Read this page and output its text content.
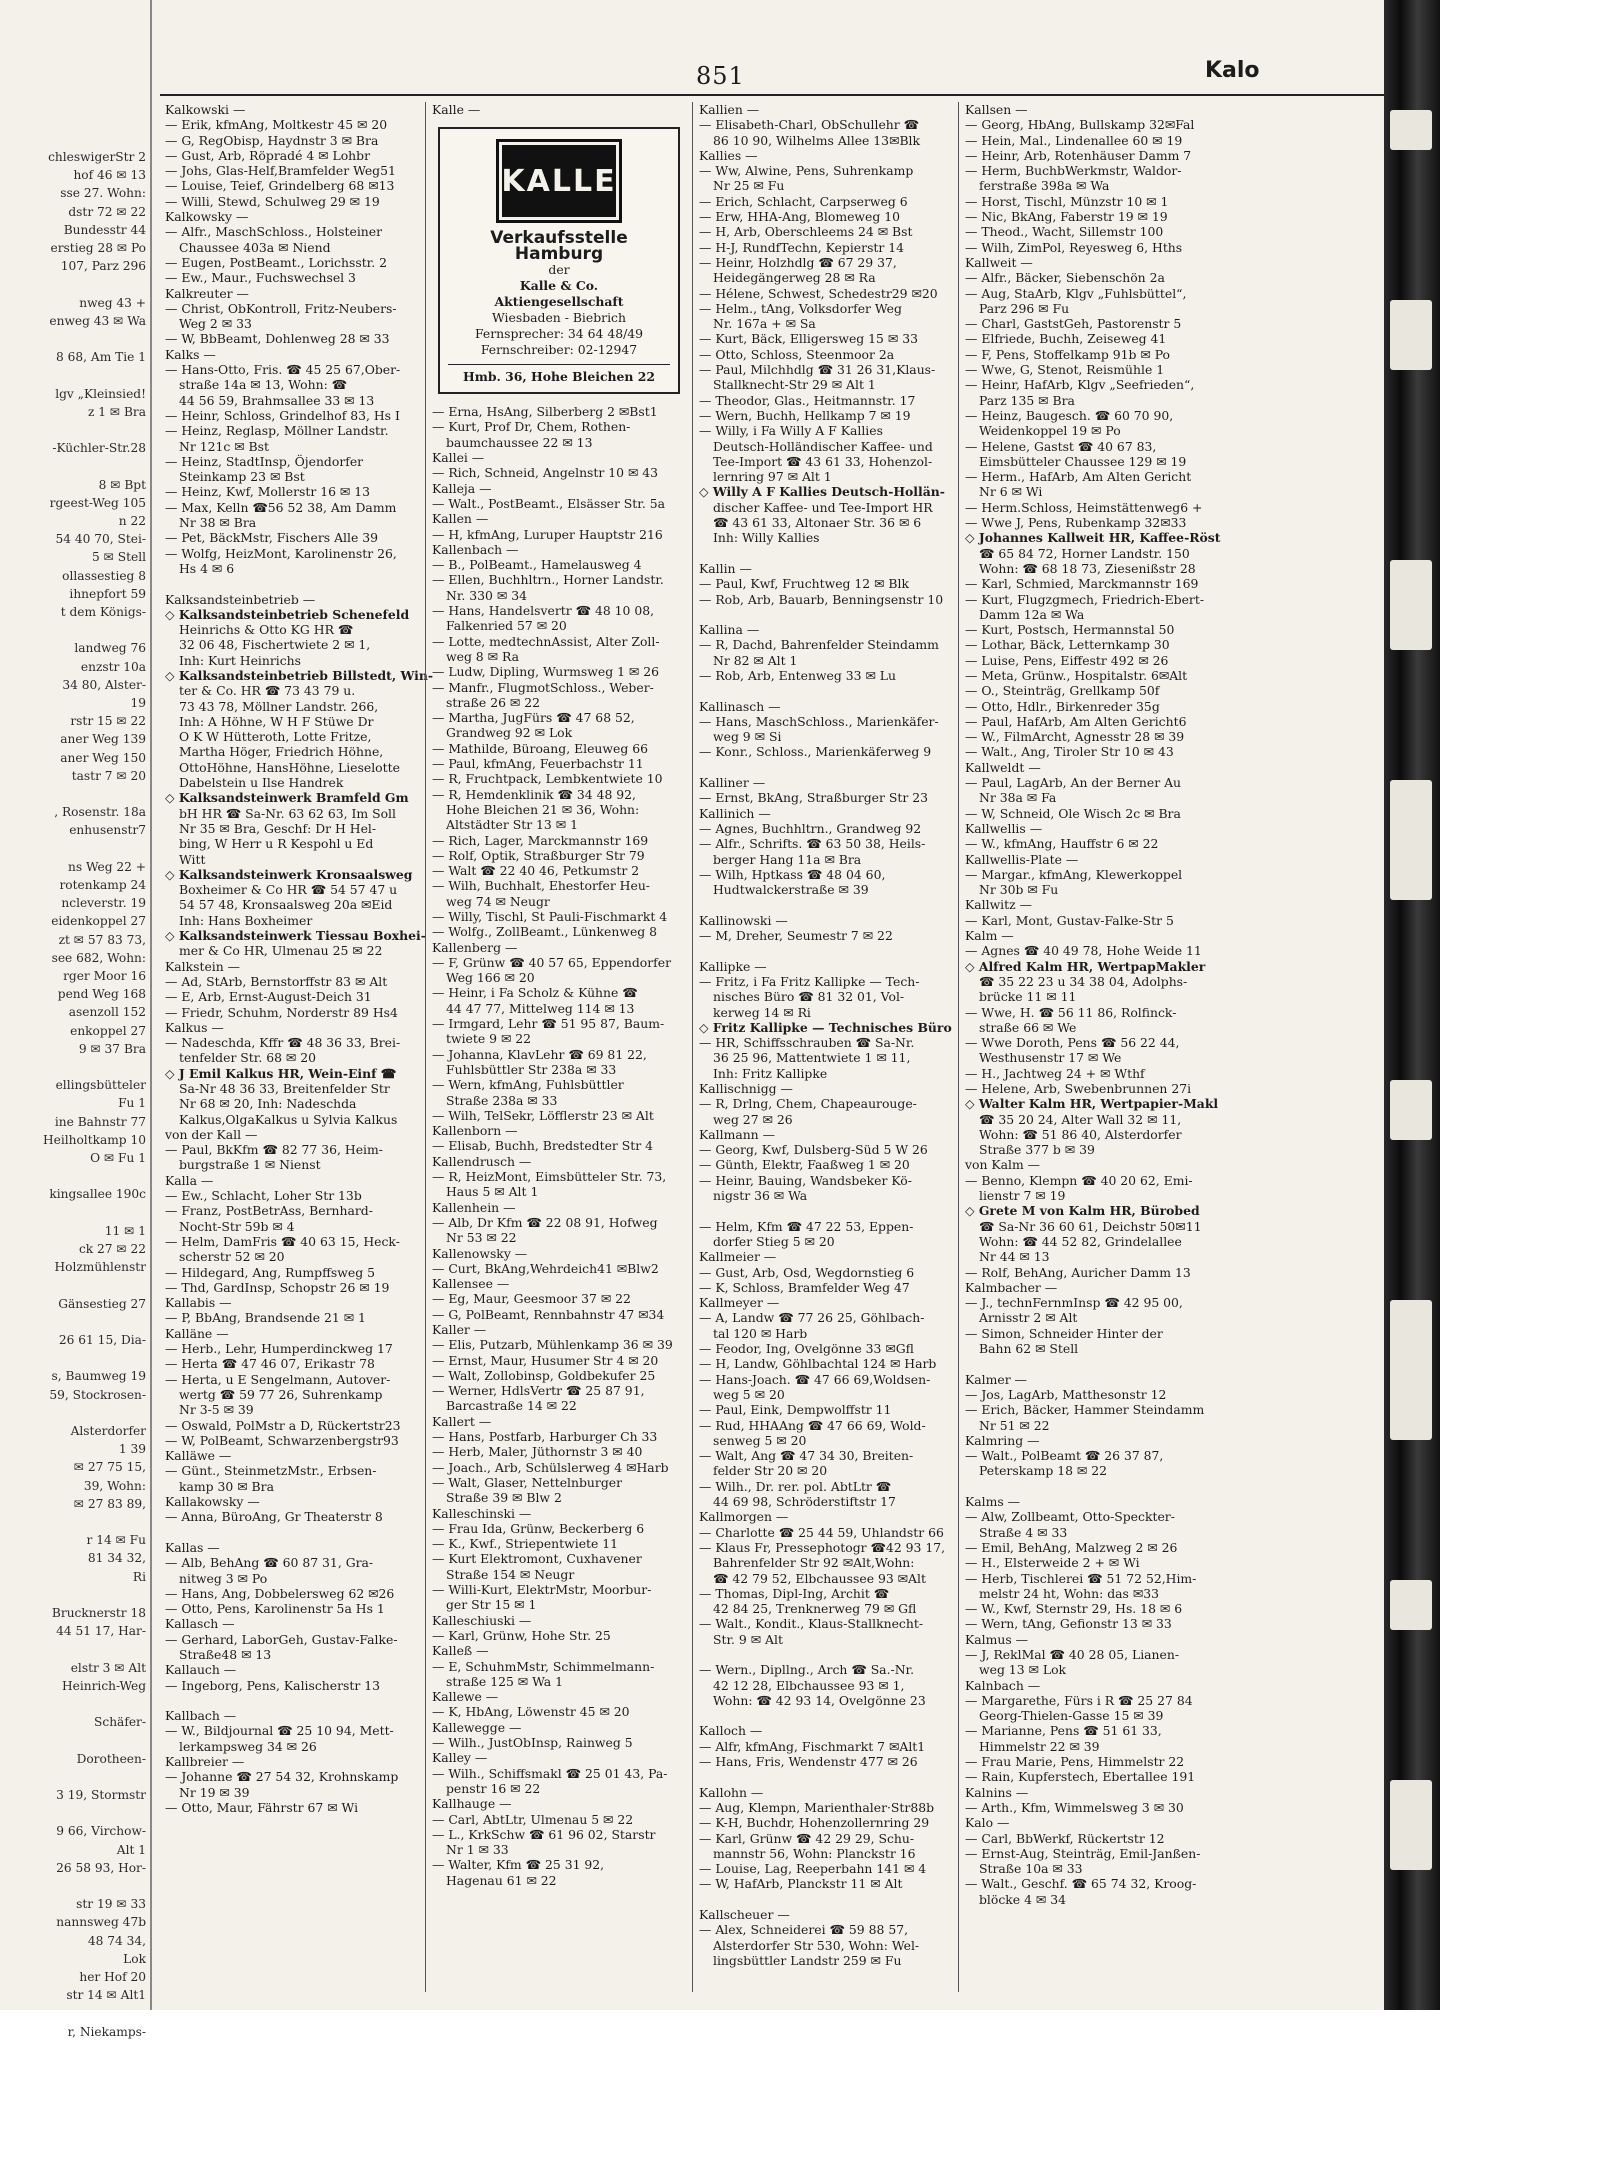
chleswigerStr 2
hof 46 ✉ 13
sse 27. Wohn:
dstr 72 ✉ 22
Bundesstr 44
erstieg 28 ✉ Po
107, Parz 296
nweg 43 +
enweg 43 ✉ Wa
8 68, Am Tie 1
lgv „Kleinsied!
z 1 ✉ Bra
-Küchler-Str.28
8 ✉ Bpt
rgeest-Weg 105
n 22
54 40 70, Stei-
5 ✉ Stell
ollassestieg 8
ihnepfort 59
t dem Königs-
landweg 76
enzstr 10a
34 80, Alster-
19
rstr 15 ✉ 22
aner Weg 139
aner Weg 150
tastr 7 ✉ 20
, Rosenstr. 18a
enhusenstr7
ns Weg 22 +
rotenkamp 24
ncleverstr. 19
eidenkoppel 27
zt ✉ 57 83 73,
see 682, Wohn:
rger Moor 16
pend Weg 168
asenzoll 152
enkoppel 27
9 ✉ 37 Bra
ellingsbütteler
Fu 1
ine Bahnstr 77
Heilholtkamp 10
O ✉ Fu 1
kingsallee 190c
11 ✉ 1
ck 27 ✉ 22
Holzmühlenstr
Gänsestieg 27
26 61 15, Dia-
s, Baumweg 19
59, Stockrosen-
Alsterdorfer
1 39
✉ 27 75 15,
39, Wohn:
✉ 27 83 89,
r 14 ✉ Fu
81 34 32,
Ri
Brucknerstr 18
44 51 17, Har-
elstr 3 ✉ Alt
Heinrich-Weg
Schäfer-
Dorotheen-
3 19, Stormstr
9 66, Virchow-
Alt 1
26 58 93, Hor-
str 19 ✉ 33
nannsweg 47b
48 74 34,
Lok
her Hof 20
str 14 ✉ Alt1
r, Niekamps-
851	Kalo
Kalkowski —
— Erik, kfmAng, Moltkestr 45 ✉ 20
— G, RegObisp, Haydnstr 3 ✉ Bra
— Gust, Arb, Röpradé 4 ✉ Lohbr
— Johs, Glas-Helf,Bramfelder Weg51
— Louise, Teief, Grindelberg 68 ✉13
— Willi, Stewd, Schulweg 29 ✉ 19
Kalkowsky —
— Alfr., MaschSchloss., Holsteiner
Chaussee 403a ✉ Niend
— Eugen, PostBeamt., Lorichsstr. 2
— Ew., Maur., Fuchswechsel 3
Kalkreuter —
— Christ, ObKontroll, Fritz-Neubers-
Weg 2 ✉ 33
— W, BbBeamt, Dohlenweg 28 ✉ 33
Kalks —
— Hans-Otto, Fris. ☎ 45 25 67,Ober-
straße 14a ✉ 13, Wohn: ☎
44 56 59, Brahmsallee 33 ✉ 13
— Heinr, Schloss, Grindelhof 83, Hs I
— Heinz, Reglasp, Möllner Landstr.
Nr 121c ✉ Bst
— Heinz, StadtInsp, Öjendorfer
Steinkamp 23 ✉ Bst
— Heinz, Kwf, Mollerstr 16 ✉ 13
— Max, Kelln ☎56 52 38, Am Damm
Nr 38 ✉ Bra
— Pet, BäckMstr, Fischers Alle 39
— Wolfg, HeizMont, Karolinenstr 26,
Hs 4 ✉ 6

Kalksandsteinbetrieb —
◇ Kalksandsteinbetrieb Schenefeld
Heinrichs & Otto KG HR ☎
32 06 48, Fischertwiete 2 ✉ 1,
Inh: Kurt Heinrichs
◇ Kalksandsteinbetrieb Billstedt, Win-
ter & Co. HR ☎ 73 43 79 u.
73 43 78, Möllner Landstr. 266,
Inh: A Höhne, W H F Stüwe Dr
O K W Hütteroth, Lotte Fritze,
Martha Höger, Friedrich Höhne,
OttoHöhne, HansHöhne, Lieselotte
Dabelstein u Ilse Handrek
◇ Kalksandsteinwerk Bramfeld Gm
bH HR ☎ Sa-Nr. 63 62 63, Im Soll
Nr 35 ✉ Bra, Geschf: Dr H Hel-
bing, W Herr u R Kespohl u Ed
Witt
◇ Kalksandsteinwerk Kronsaalsweg
Boxheimer & Co HR ☎ 54 57 47 u
54 57 48, Kronsaalsweg 20a ✉Eid
Inh: Hans Boxheimer
◇ Kalksandsteinwerk Tiessau Boxhei-
mer & Co HR, Ulmenau 25 ✉ 22
Kalkstein —
— Ad, StArb, Bernstorffstr 83 ✉ Alt
— E, Arb, Ernst-August-Deich 31
— Friedr, Schuhm, Norderstr 89 Hs4
Kalkus —
— Nadeschda, Kffr ☎ 48 36 33, Brei-
tenfelder Str. 68 ✉ 20
◇ J Emil Kalkus HR, Wein-Einf ☎
Sa-Nr 48 36 33, Breitenfelder Str
Nr 68 ✉ 20, Inh: Nadeschda
Kalkus,OlgaKalkus u Sylvia Kalkus
von der Kall —
— Paul, BkKfm ☎ 82 77 36, Heim-
burgstraße 1 ✉ Nienst
Kalla —
— Ew., Schlacht, Loher Str 13b
— Franz, PostBetrAss, Bernhard-
Nocht-Str 59b ✉ 4
— Helm, DamFris ☎ 40 63 15, Heck-
scherstr 52 ✉ 20
— Hildegard, Ang, Rumpffsweg 5
— Thd, GardInsp, Schopstr 26 ✉ 19
Kallabis —
— P, BbAng, Brandsende 21 ✉ 1
Kalläne —
— Herb., Lehr, Humperdinckweg 17
— Herta ☎ 47 46 07, Erikastr 78
— Herta, u E Sengelmann, Autover-
wertg ☎ 59 77 26, Suhrenkamp
Nr 3-5 ✉ 39
— Oswald, PolMstr a D, Rückertstr23
— W, PolBeamt, Schwarzenbergstr93
Kalläwe —
— Günt., SteinmetzMstr., Erbsen-
kamp 30 ✉ Bra
Kallakowsky —
— Anna, BüroAng, Gr Theaterstr 8

Kallas —
— Alb, BehAng ☎ 60 87 31, Gra-
nitweg 3 ✉ Po
— Hans, Ang, Dobbelersweg 62 ✉26
— Otto, Pens, Karolinenstr 5a Hs 1
Kallasch —
— Gerhard, LaborGeh, Gustav-Falke-
Straße48 ✉ 13
Kallauch —
— Ingeborg, Pens, Kalischerstr 13

Kallbach —
— W., Bildjournal ☎ 25 10 94, Mett-
lerkampsweg 34 ✉ 26
Kallbreier —
— Johanne ☎ 27 54 32, Krohnskamp
Nr 19 ✉ 39
— Otto, Maur, Fährstr 67 ✉ Wi
Kalle —
KALLE
Verkaufsstelle Hamburg
der
Kalle & Co.
Aktiengesellschaft
Wiesbaden - Biebrich
Fernsprecher: 34 64 48/49
Fernschreiber: 02-12947
Hmb. 36, Hohe Bleichen 22
— Erna, HsAng, Silberberg 2 ✉Bst1
— Kurt, Prof Dr, Chem, Rothen-
baumchaussee 22 ✉ 13
Kallei —
— Rich, Schneid, Angelnstr 10 ✉ 43
Kalleja —
— Walt., PostBeamt., Elsässer Str. 5a
Kallen —
— H, kfmAng, Luruper Hauptstr 216
Kallenbach —
— B., PolBeamt., Hamelausweg 4
— Ellen, Buchhltrn., Horner Landstr.
Nr. 330 ✉ 34
— Hans, Handelsvertr ☎ 48 10 08,
Falkenried 57 ✉ 20
— Lotte, medtechnAssist, Alter Zoll-
weg 8 ✉ Ra
— Ludw, Dipling, Wurmsweg 1 ✉ 26
— Manfr., FlugmotSchloss., Weber-
straße 26 ✉ 22
— Martha, JugFürs ☎ 47 68 52,
Grandweg 92 ✉ Lok
— Mathilde, Büroang, Eleuweg 66
— Paul, kfmAng, Feuerbachstr 11
— R, Fruchtpack, Lembkentwiete 10
— R, Hemdenklinik ☎ 34 48 92,
Hohe Bleichen 21 ✉ 36, Wohn:
Altstädter Str 13 ✉ 1
— Rich, Lager, Marckmannstr 169
— Rolf, Optik, Straßburger Str 79
— Walt ☎ 22 40 46, Petkumstr 2
— Wilh, Buchhalt, Ehestorfer Heu-
weg 74 ✉ Neugr
— Willy, Tischl, St Pauli-Fischmarkt 4
— Wolfg., ZollBeamt., Lünkenweg 8
Kallenberg —
— F, Grünw ☎ 40 57 65, Eppendorfer
Weg 166 ✉ 20
— Heinr, i Fa Scholz & Kühne ☎
44 47 77, Mittelweg 114 ✉ 13
— Irmgard, Lehr ☎ 51 95 87, Baum-
twiete 9 ✉ 22
— Johanna, KlavLehr ☎ 69 81 22,
Fuhlsbüttler Str 238a ✉ 33
— Wern, kfmAng, Fuhlsbüttler
Straße 238a ✉ 33
— Wilh, TelSekr, Löfflerstr 23 ✉ Alt
Kallenborn —
— Elisab, Buchh, Bredstedter Str 4
Kallendrusch —
— R, HeizMont, Eimsbütteler Str. 73,
Haus 5 ✉ Alt 1
Kallenhein —
— Alb, Dr Kfm ☎ 22 08 91, Hofweg
Nr 53 ✉ 22
Kallenowsky —
— Curt, BkAng,Wehrdeich41 ✉Blw2
Kallensee —
— Eg, Maur, Geesmoor 37 ✉ 22
— G, PolBeamt, Rennbahnstr 47 ✉34
Kaller —
— Elis, Putzarb, Mühlenkamp 36 ✉ 39
— Ernst, Maur, Husumer Str 4 ✉ 20
— Walt, Zollobinsp, Goldbekufer 25
— Werner, HdlsVertr ☎ 25 87 91,
Barcastraße 14 ✉ 22
Kallert —
— Hans, Postfarb, Harburger Ch 33
— Herb, Maler, Jüthornstr 3 ✉ 40
— Joach., Arb, Schülslerweg 4 ✉Harb
— Walt, Glaser, Nettelnburger
Straße 39 ✉ Blw 2
Kalleschinski —
— Frau Ida, Grünw, Beckerberg 6
— K., Kwf., Striepentwiete 11
— Kurt Elektromont, Cuxhavener
Straße 154 ✉ Neugr
— Willi-Kurt, ElektrMstr, Moorbur-
ger Str 15 ✉ 1
Kalleschiuski —
— Karl, Grünw, Hohe Str. 25
Kalleß —
— E, SchuhmMstr, Schimmelmann-
straße 125 ✉ Wa 1
Kallewe —
— K, HbAng, Löwenstr 45 ✉ 20
Kallewegge —
— Wilh., JustObInsp, Rainweg 5
Kalley —
— Wilh., Schiffsmakl ☎ 25 01 43, Pa-
penstr 16 ✉ 22
Kallhauge —
— Carl, AbtLtr, Ulmenau 5 ✉ 22
— L., KrkSchw ☎ 61 96 02, Starstr
Nr 1 ✉ 33
— Walter, Kfm ☎ 25 31 92,
Hagenau 61 ✉ 22
Kallien —
— Elisabeth-Charl, ObSchullehr ☎
86 10 90, Wilhelms Allee 13✉Blk
Kallies —
— Ww, Alwine, Pens, Suhrenkamp
Nr 25 ✉ Fu
— Erich, Schlacht, Carpserweg 6
— Erw, HHA-Ang, Blomeweg 10
— H, Arb, Oberschleems 24 ✉ Bst
— H-J, RundfTechn, Kepierstr 14
— Heinr, Holzhdlg ☎ 67 29 37,
Heidegängerweg 28 ✉ Ra
— Hélene, Schwest, Schedestr29 ✉20
— Helm., tAng, Volksdorfer Weg
Nr. 167a + ✉ Sa
— Kurt, Bäck, Elligersweg 15 ✉ 33
— Otto, Schloss, Steenmoor 2a
— Paul, Milchhdlg ☎ 31 26 31,Klaus-
Stallknecht-Str 29 ✉ Alt 1
— Theodor, Glas., Heitmannstr. 17
— Wern, Buchh, Hellkamp 7 ✉ 19
— Willy, i Fa Willy A F Kallies
Deutsch-Holländischer Kaffee- und
Tee-Import ☎ 43 61 33, Hohenzol-
lernring 97 ✉ Alt 1
◇ Willy A F Kallies Deutsch-Hollän-
discher Kaffee- und Tee-Import HR
☎ 43 61 33, Altonaer Str. 36 ✉ 6
Inh: Willy Kallies

Kallin —
— Paul, Kwf, Fruchtweg 12 ✉ Blk
— Rob, Arb, Bauarb, Benningsenstr 10

Kallina —
— R, Dachd, Bahrenfelder Steindamm
Nr 82 ✉ Alt 1
— Rob, Arb, Entenweg 33 ✉ Lu

Kallinasch —
— Hans, MaschSchloss., Marienkäfer-
weg 9 ✉ Si
— Konr., Schloss., Marienkäferweg 9

Kalliner —
— Ernst, BkAng, Straßburger Str 23
Kallinich —
— Agnes, Buchhltrn., Grandweg 92
— Alfr., Schrifts. ☎ 63 50 38, Heils-
berger Hang 11a ✉ Bra
— Wilh, Hptkass ☎ 48 04 60,
Hudtwalckerstraße ✉ 39

Kallinowski —
— M, Dreher, Seumestr 7 ✉ 22

Kallipke —
— Fritz, i Fa Fritz Kallipke — Tech-
nisches Büro ☎ 81 32 01, Vol-
kerweg 14 ✉ Ri
◇ Fritz Kallipke — Technisches Büro
— HR, Schiffsschrauben ☎ Sa-Nr.
36 25 96, Mattentwiete 1 ✉ 11,
Inh: Fritz Kallipke
Kallischnigg —
— R, Drlng, Chem, Chapeaurouge-
weg 27 ✉ 26
Kallmann —
— Georg, Kwf, Dulsberg-Süd 5 W 26
— Günth, Elektr, Faaßweg 1 ✉ 20
— Heinr, Bauing, Wandsbeker Kö-
nigstr 36 ✉ Wa

— Helm, Kfm ☎ 47 22 53, Eppen-
dorfer Stieg 5 ✉ 20
Kallmeier —
— Gust, Arb, Osd, Wegdornstieg 6
— K, Schloss, Bramfelder Weg 47
Kallmeyer —
— A, Landw ☎ 77 26 25, Göhlbach-
tal 120 ✉ Harb
— Feodor, Ing, Ovelgönne 33 ✉Gfl
— H, Landw, Göhlbachtal 124 ✉ Harb
— Hans-Joach. ☎ 47 66 69,Woldsen-
weg 5 ✉ 20
— Paul, Eink, Dempwolffstr 11
— Rud, HHAAng ☎ 47 66 69, Wold-
senweg 5 ✉ 20
— Walt, Ang ☎ 47 34 30, Breiten-
felder Str 20 ✉ 20
— Wilh., Dr. rer. pol. AbtLtr ☎
44 69 98, Schröderstiftstr 17
Kallmorgen —
— Charlotte ☎ 25 44 59, Uhlandstr 66
— Klaus Fr, Pressephotogr ☎42 93 17,
Bahrenfelder Str 92 ✉Alt,Wohn:
☎ 42 79 52, Elbchaussee 93 ✉Alt
— Thomas, Dipl-Ing, Archit ☎
42 84 25, Trenknerweg 79 ✉ Gfl
— Walt., Kondit., Klaus-Stallknecht-
Str. 9 ✉ Alt

— Wern., Dipllng., Arch ☎ Sa.-Nr.
42 12 28, Elbchaussee 93 ✉ 1,
Wohn: ☎ 42 93 14, Ovelgönne 23

Kalloch —
— Alfr, kfmAng, Fischmarkt 7 ✉Alt1
— Hans, Fris, Wendenstr 477 ✉ 26

Kallohn —
— Aug, Klempn, Marienthaler·Str88b
— K-H, Buchdr, Hohenzollernring 29
— Karl, Grünw ☎ 42 29 29, Schu-
mannstr 56, Wohn: Planckstr 16
— Louise, Lag, Reeperbahn 141 ✉ 4
— W, HafArb, Planckstr 11 ✉ Alt

Kallscheuer —
— Alex, Schneiderei ☎ 59 88 57,
Alsterdorfer Str 530, Wohn: Wel-
lingsbüttler Landstr 259 ✉ Fu
Kallsen —
— Georg, HbAng, Bullskamp 32✉Fal
— Hein, Mal., Lindenallee 60 ✉ 19
— Heinr, Arb, Rotenhäuser Damm 7
— Herm, BuchbWerkmstr, Waldor-
ferstraße 398a ✉ Wa
— Horst, Tischl, Münzstr 10 ✉ 1
— Nic, BkAng, Faberstr 19 ✉ 19
— Theod., Wacht, Sillemstr 100
— Wilh, ZimPol, Reyesweg 6, Hths
Kallweit —
— Alfr., Bäcker, Siebenschön 2a
— Aug, StaArb, Klgv „Fuhlsbüttel“,
Parz 296 ✉ Fu
— Charl, GaststGeh, Pastorenstr 5
— Elfriede, Buchh, Zeiseweg 41
— F, Pens, Stoffelkamp 91b ✉ Po
— Wwe, G, Stenot, Reismühle 1
— Heinr, HafArb, Klgv „Seefrieden“,
Parz 135 ✉ Bra
— Heinz, Baugesch. ☎ 60 70 90,
Weidenkoppel 19 ✉ Po
— Helene, Gastst ☎ 40 67 83,
Eimsbütteler Chaussee 129 ✉ 19
— Herm., HafArb, Am Alten Gericht
Nr 6 ✉ Wi
— Herm.Schloss, Heimstättenweg6 +
— Wwe J, Pens, Rubenkamp 32✉33
◇ Johannes Kallweit HR, Kaffee-Röst
☎ 65 84 72, Horner Landstr. 150
Wohn: ☎ 68 18 73, Ziesenißstr 28
— Karl, Schmied, Marckmannstr 169
— Kurt, Flugzgmech, Friedrich-Ebert-
Damm 12a ✉ Wa
— Kurt, Postsch, Hermannstal 50
— Lothar, Bäck, Letternkamp 30
— Luise, Pens, Eiffestr 492 ✉ 26
— Meta, Grünw., Hospitalstr. 6✉Alt
— O., Steinträg, Grellkamp 50f
— Otto, Hdlr., Birkenreder 35g
— Paul, HafArb, Am Alten Gericht6
— W., FilmArcht, Agnesstr 28 ✉ 39
— Walt., Ang, Tiroler Str 10 ✉ 43
Kallweldt —
— Paul, LagArb, An der Berner Au
Nr 38a ✉ Fa
— W, Schneid, Ole Wisch 2c ✉ Bra
Kallwellis —
— W., kfmAng, Hauffstr 6 ✉ 22
Kallwellis-Plate —
— Margar., kfmAng, Klewerkoppel
Nr 30b ✉ Fu
Kallwitz —
— Karl, Mont, Gustav-Falke-Str 5
Kalm —
— Agnes ☎ 40 49 78, Hohe Weide 11
◇ Alfred Kalm HR, WertpapMakler
☎ 35 22 23 u 34 38 04, Adolphs-
brücke 11 ✉ 11
— Wwe, H. ☎ 56 11 86, Rolfinck-
straße 66 ✉ We
— Wwe Doroth, Pens ☎ 56 22 44,
Westhusenstr 17 ✉ We
— H., Jachtweg 24 + ✉ Wthf
— Helene, Arb, Swebenbrunnen 27i
◇ Walter Kalm HR, Wertpapier-Makl
☎ 35 20 24, Alter Wall 32 ✉ 11,
Wohn: ☎ 51 86 40, Alsterdorfer
Straße 377 b ✉ 39
von Kalm —
— Benno, Klempn ☎ 40 20 62, Emi-
lienstr 7 ✉ 19
◇ Grete M von Kalm HR, Bürobed
☎ Sa-Nr 36 60 61, Deichstr 50✉11
Wohn: ☎ 44 52 82, Grindelallee
Nr 44 ✉ 13
— Rolf, BehAng, Auricher Damm 13
Kalmbacher —
— J., technFernmInsp ☎ 42 95 00,
Arnisstr 2 ✉ Alt
— Simon, Schneider Hinter der
Bahn 62 ✉ Stell

Kalmer —
— Jos, LagArb, Matthesonstr 12
— Erich, Bäcker, Hammer Steindamm
Nr 51 ✉ 22
Kalmring —
— Walt., PolBeamt ☎ 26 37 87,
Peterskamp 18 ✉ 22

Kalms —
— Alw, Zollbeamt, Otto-Speckter-
Straße 4 ✉ 33
— Emil, BehAng, Malzweg 2 ✉ 26
— H., Elsterweide 2 + ✉ Wi
— Herb, Tischlerei ☎ 51 72 52,Him-
melstr 24 ht, Wohn: das ✉33
— W., Kwf, Sternstr 29, Hs. 18 ✉ 6
— Wern, tAng, Gefionstr 13 ✉ 33
Kalmus —
— J, ReklMal ☎ 40 28 05, Lianen-
weg 13 ✉ Lok
Kalnbach —
— Margarethe, Fürs i R ☎ 25 27 84
Georg-Thielen-Gasse 15 ✉ 39
— Marianne, Pens ☎ 51 61 33,
Himmelstr 22 ✉ 39
— Frau Marie, Pens, Himmelstr 22
— Rain, Kupferstech, Ebertallee 191
Kalnins —
— Arth., Kfm, Wimmelsweg 3 ✉ 30
Kalo —
— Carl, BbWerkf, Rückertstr 12
— Ernst-Aug, Steinträg, Emil-Janßen-
Straße 10a ✉ 33
— Walt., Geschf. ☎ 65 74 32, Kroog-
blöcke 4 ✉ 34
